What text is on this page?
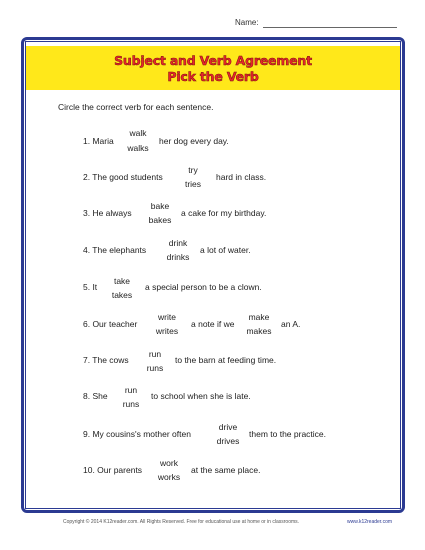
Name:
Subject and Verb Agreement
Pick the Verb
Circle the correct verb for each sentence.
1. Maria
walk
walks
her dog every day.
2. The good students
try
tries
hard in class.
3. He always
bake
bakes
a cake for my birthday.
4. The elephants
drink
drinks
a lot of water.
5. It
take
takes
a special person to be a clown.
6. Our teacher
write
writes
a note if we
make
makes
an A.
7. The cows
run
runs
to the barn at feeding time.
8. She
run
runs
to school when she is late.
9. My cousins's mother often
drive
drives
them to the practice.
10. Our parents
work
works
at the same place.
Copyright © 2014 K12reader.com. All Rights Reserved. Free for educational use at home or in classrooms.	www.k12reader.com
